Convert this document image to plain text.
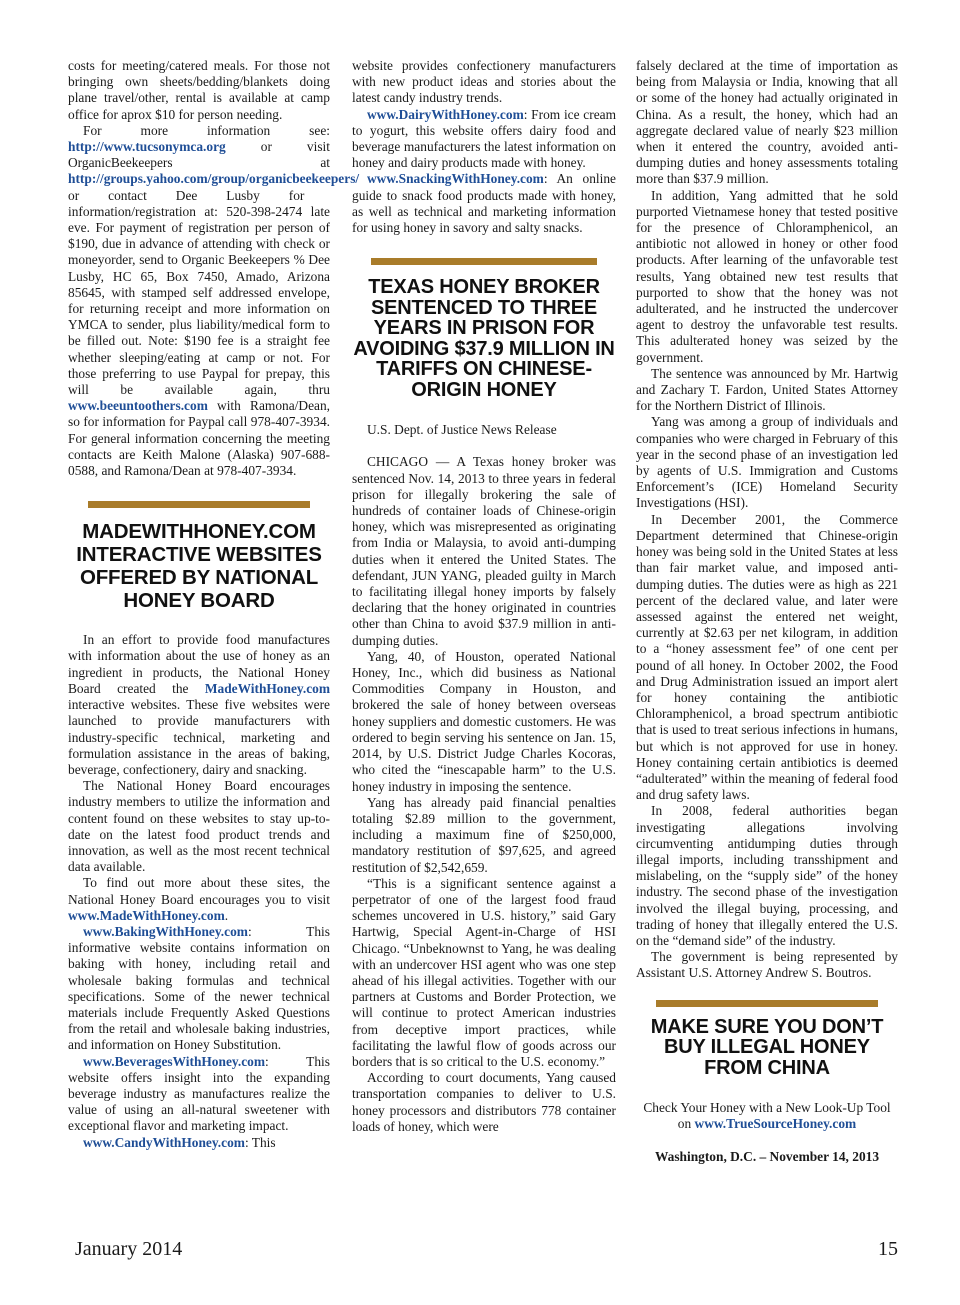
costs for meeting/catered meals. For those not bringing own sheets/bedding/blankets doing plane travel/other, rental is available at camp office for aprox $10 for person needing.

For more information see: http://www.tucsonymca.org or visit OrganicBeekeepers at http://groups.yahoo.com/group/organicbeekeepers/ or contact Dee Lusby for information/registration at: 520-398-2474 late eve. For payment of registration per person of $190, due in advance of attending with check or moneyorder, send to Organic Beekeepers % Dee Lusby, HC 65, Box 7450, Amado, Arizona 85645, with stamped self addressed envelope, for returning receipt and more information on YMCA to sender, plus liability/medical form to be filled out. Note: $190 fee is a straight fee whether sleeping/eating at camp or not. For those preferring to use Paypal for prepay, this will be available again, thru www.beeuntoothers.com with Ramona/Dean, so for information for Paypal call 978-407-3934. For general information concerning the meeting contacts are Keith Malone (Alaska) 907-688-0588, and Ramona/Dean at 978-407-3934.

MADEWITHHONEY.COM INTERACTIVE WEBSITES OFFERED BY NATIONAL HONEY BOARD

In an effort to provide food manufactures with information about the use of honey as an ingredient in products, the National Honey Board created the MadeWithHoney.com interactive websites. These five websites were launched to provide manufacturers with industry-specific technical, marketing and formulation assistance in the areas of baking, beverage, confectionery, dairy and snacking.

The National Honey Board encourages industry members to utilize the information and content found on these websites to stay up-to-date on the latest food product trends and innovation, as well as the most recent technical data available.

To find out more about these sites, the National Honey Board encourages you to visit www.MadeWithHoney.com.

www.BakingWithHoney.com: This informative website contains information on baking with honey, including retail and wholesale baking formulas and technical specifications. Some of the newer technical materials include Frequently Asked Questions from the retail and wholesale baking industries, and information on Honey Substitution.

www.BeveragesWithHoney.com: This website offers insight into the expanding beverage industry as manufactures realize the value of using an all-natural sweetener with exceptional flavor and marketing impact.

www.CandyWithHoney.com: This

website provides confectionery manufacturers with new product ideas and stories about the latest candy industry trends.

www.DairyWithHoney.com: From ice cream to yogurt, this website offers dairy food and beverage manufacturers the latest information on honey and dairy products made with honey.

www.SnackingWithHoney.com: An online guide to snack food products made with honey, as well as technical and marketing information for using honey in savory and salty snacks.

TEXAS HONEY BROKER SENTENCED TO THREE YEARS IN PRISON FOR AVOIDING $37.9 MILLION IN TARIFFS ON CHINESE-ORIGIN HONEY

U.S. Dept. of Justice News Release

CHICAGO — A Texas honey broker was sentenced Nov. 14, 2013 to three years in federal prison for illegally brokering the sale of hundreds of container loads of Chinese-origin honey, which was misrepresented as originating from India or Malaysia, to avoid anti-dumping duties when it entered the United States. The defendant, JUN YANG, pleaded guilty in March to facilitating illegal honey imports by falsely declaring that the honey originated in countries other than China to avoid $37.9 million in anti-dumping duties.

Yang, 40, of Houston, operated National Honey, Inc., which did business as National Commodities Company in Houston, and brokered the sale of honey between overseas honey suppliers and domestic customers. He was ordered to begin serving his sentence on Jan. 15, 2014, by U.S. District Judge Charles Kocoras, who cited the “inescapable harm” to the U.S. honey industry in imposing the sentence.

Yang has already paid financial penalties totaling $2.89 million to the government, including a maximum fine of $250,000, mandatory restitution of $97,625, and agreed restitution of $2,542,659.

“This is a significant sentence against a perpetrator of one of the largest food fraud schemes uncovered in U.S. history,” said Gary Hartwig, Special Agent-in-Charge of HSI Chicago. “Unbeknownst to Yang, he was dealing with an undercover HSI agent who was one step ahead of his illegal activities. Together with our partners at Customs and Border Protection, we will continue to protect American industries from deceptive import practices, while facilitating the lawful flow of goods across our borders that is so critical to the U.S. economy.”

According to court documents, Yang caused transportation companies to deliver to U.S. honey processors and distributors 778 container loads of honey, which were

falsely declared at the time of importation as being from Malaysia or India, knowing that all or some of the honey had actually originated in China. As a result, the honey, which had an aggregate declared value of nearly $23 million when it entered the country, avoided anti-dumping duties and honey assessments totaling more than $37.9 million.

In addition, Yang admitted that he sold purported Vietnamese honey that tested positive for the presence of Chloramphenicol, an antibiotic not allowed in honey or other food products. After learning of the unfavorable test results, Yang obtained new test results that purported to show that the honey was not adulterated, and he instructed the undercover agent to destroy the unfavorable test results. This adulterated honey was seized by the government.

The sentence was announced by Mr. Hartwig and Zachary T. Fardon, United States Attorney for the Northern District of Illinois.

Yang was among a group of individuals and companies who were charged in February of this year in the second phase of an investigation led by agents of U.S. Immigration and Customs Enforcement’s (ICE) Homeland Security Investigations (HSI).

In December 2001, the Commerce Department determined that Chinese-origin honey was being sold in the United States at less than fair market value, and imposed anti-dumping duties. The duties were as high as 221 percent of the declared value, and later were assessed against the entered net weight, currently at $2.63 per net kilogram, in addition to a “honey assessment fee” of one cent per pound of all honey. In October 2002, the Food and Drug Administration issued an import alert for honey containing the antibiotic Chloramphenicol, a broad spectrum antibiotic that is used to treat serious infections in humans, but which is not approved for use in honey. Honey containing certain antibiotics is deemed “adulterated” within the meaning of federal food and drug safety laws.

In 2008, federal authorities began investigating allegations involving circumventing antidumping duties through illegal imports, including transshipment and mislabeling, on the “supply side” of the honey industry. The second phase of the investigation involved the illegal buying, processing, and trading of honey that illegally entered the U.S. on the “demand side” of the industry.

The government is being represented by Assistant U.S. Attorney Andrew S. Boutros.

MAKE SURE YOU DON’T BUY ILLEGAL HONEY FROM CHINA

Check Your Honey with a New Look-Up Tool on www.TrueSourceHoney.com

Washington, D.C. – November 14, 2013

January 2014	15
